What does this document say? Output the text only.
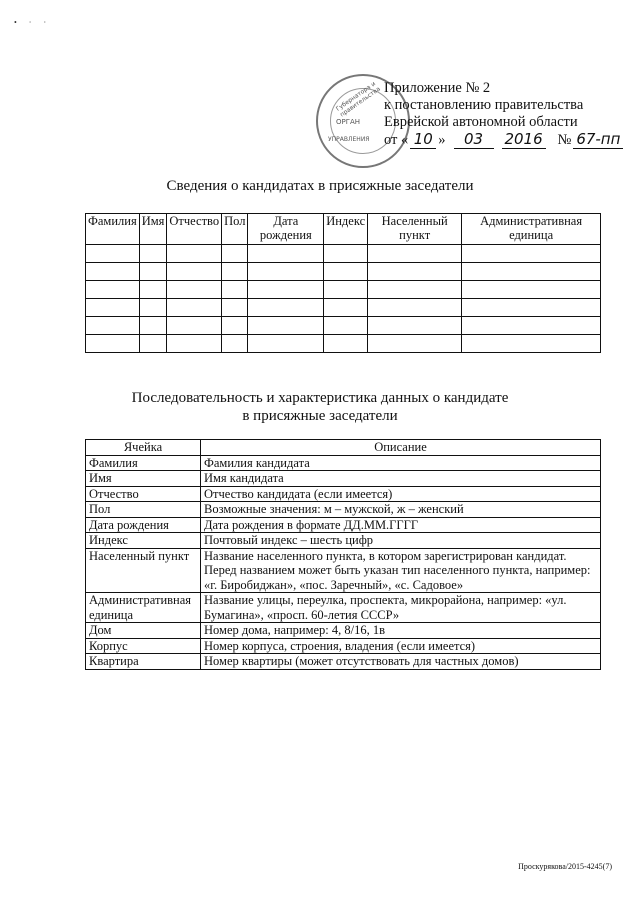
• · ·
Губернатора и правительства
ОРГАН
УПРАВЛЕНИЯ
Приложение № 2
к постановлению правительства
Еврейской автономной области
от « 10 »	03	2016 № 67-пп
Сведения о кандидатах в присяжные заседатели
Фамилия	Имя	Отчество	Пол	Дата рождения	Индекс	Населенный пункт	Административная единица

Последовательность и характеристика данных о кандидате
в присяжные заседатели
Ячейка	Описание
Фамилия	Фамилия кандидата
Имя	Имя кандидата
Отчество	Отчество кандидата (если имеется)
Пол	Возможные значения: м – мужской, ж – женский
Дата рождения	Дата рождения в формате ДД.ММ.ГГГГ
Индекс	Почтовый индекс – шесть цифр
Населенный пункт	Название населенного пункта, в котором зарегистрирован кандидат. Перед названием может быть указан тип населенного пункта, например: «г. Биробиджан», «пос. Заречный», «с. Садовое»
Административная единица	Название улицы, переулка, проспекта, микрорайона, например: «ул. Бумагина», «просп. 60-летия СССР»
Дом	Номер дома, например: 4, 8/16, 1в
Корпус	Номер корпуса, строения, владения (если имеется)
Квартира	Номер квартиры (может отсутствовать для частных домов)
Проскурякова/2015-4245(7)
